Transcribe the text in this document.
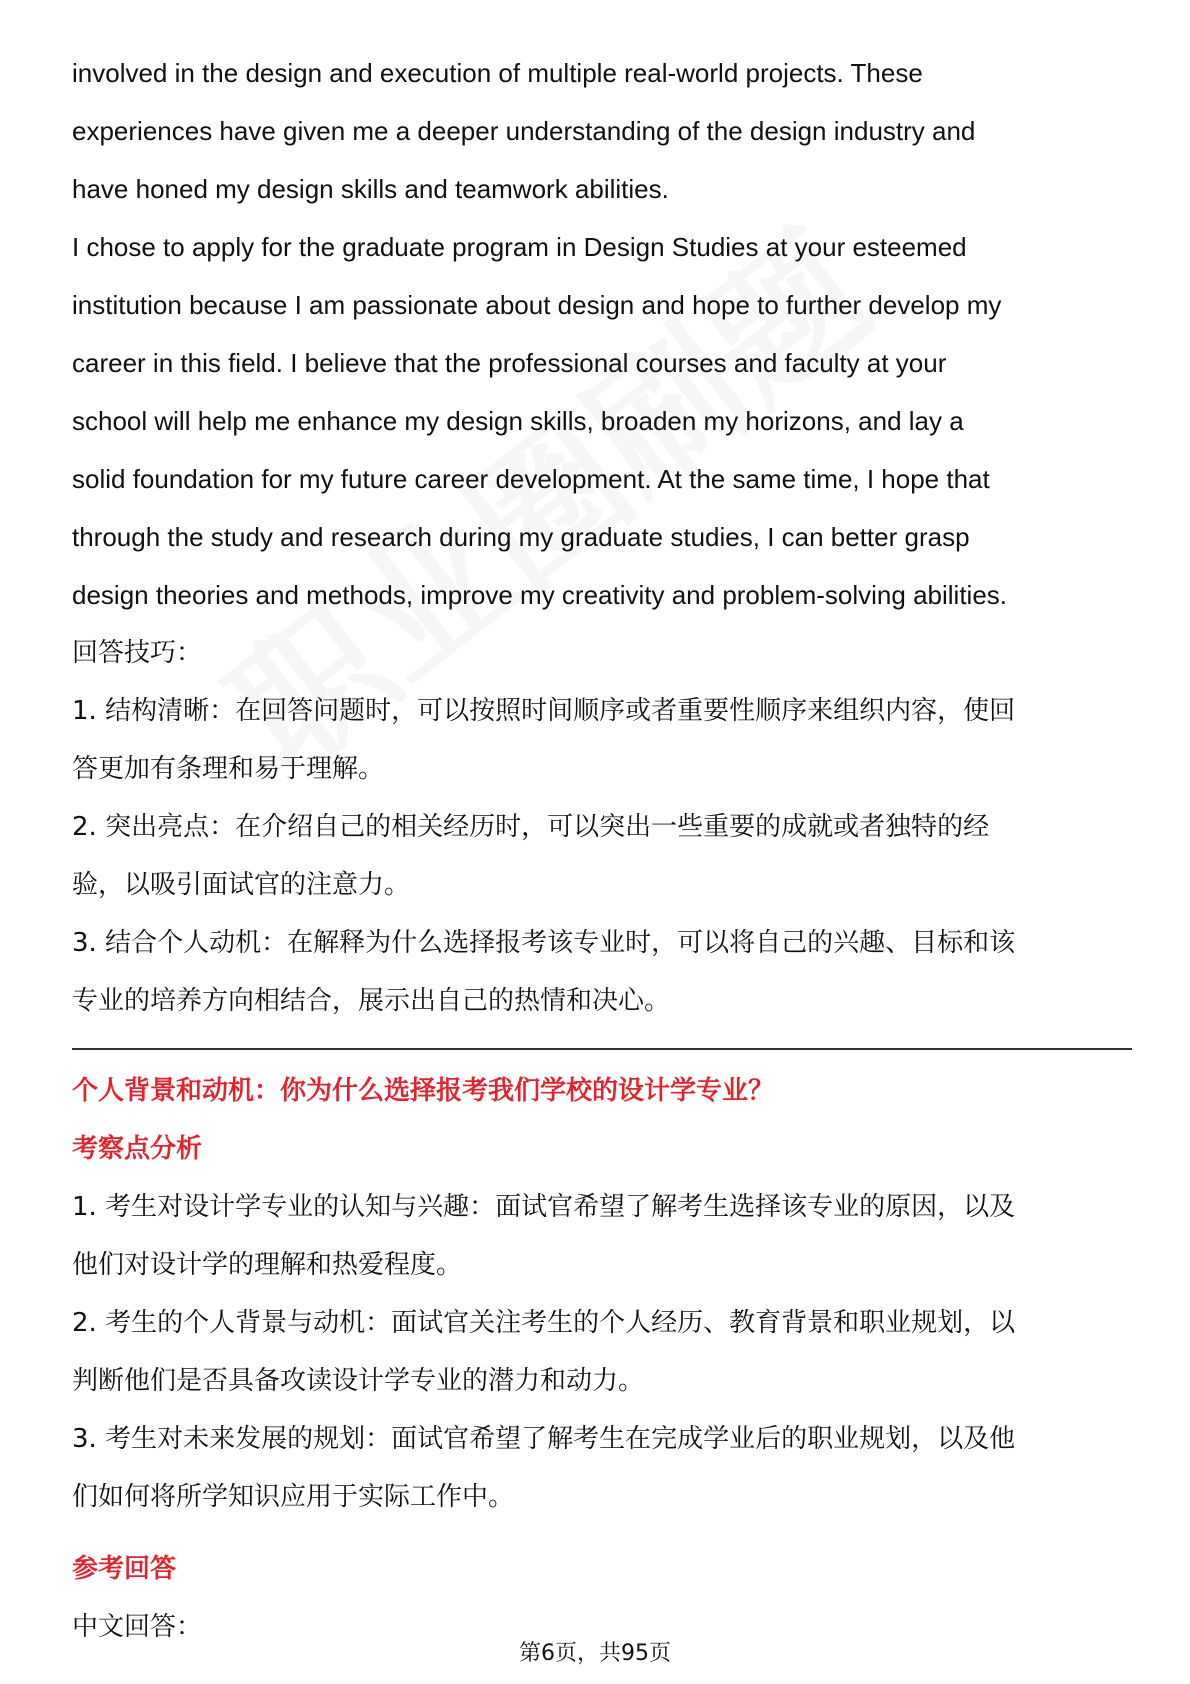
involved in the design and execution of multiple real-world projects. These

experiences have given me a deeper understanding of the design industry and

have honed my design skills and teamwork abilities.

I chose to apply for the graduate program in Design Studies at your esteemed

institution because I am passionate about design and hope to further develop my

career in this field. I believe that the professional courses and faculty at your

school will help me enhance my design skills, broaden my horizons, and lay a

solid foundation for my future career development. At the same time, I hope that

through the study and research during my graduate studies, I can better grasp

design theories and methods, improve my creativity and problem-solving abilities.

回答技巧：

1. 结构清晰：在回答问题时，可以按照时间顺序或者重要性顺序来组织内容，使回

答更加有条理和易于理解。

2. 突出亮点：在介绍自己的相关经历时，可以突出一些重要的成就或者独特的经

验，以吸引面试官的注意力。

3. 结合个人动机：在解释为什么选择报考该专业时，可以将自己的兴趣、目标和该

专业的培养方向相结合，展示出自己的热情和决心。

个人背景和动机：你为什么选择报考我们学校的设计学专业？

考察点分析

1. 考生对设计学专业的认知与兴趣：面试官希望了解考生选择该专业的原因，以及

他们对设计学的理解和热爱程度。

2. 考生的个人背景与动机：面试官关注考生的个人经历、教育背景和职业规划，以

判断他们是否具备攻读设计学专业的潜力和动力。

3. 考生对未来发展的规划：面试官希望了解考生在完成学业后的职业规划，以及他

们如何将所学知识应用于实际工作中。

参考回答

中文回答：

第6页，共95页
